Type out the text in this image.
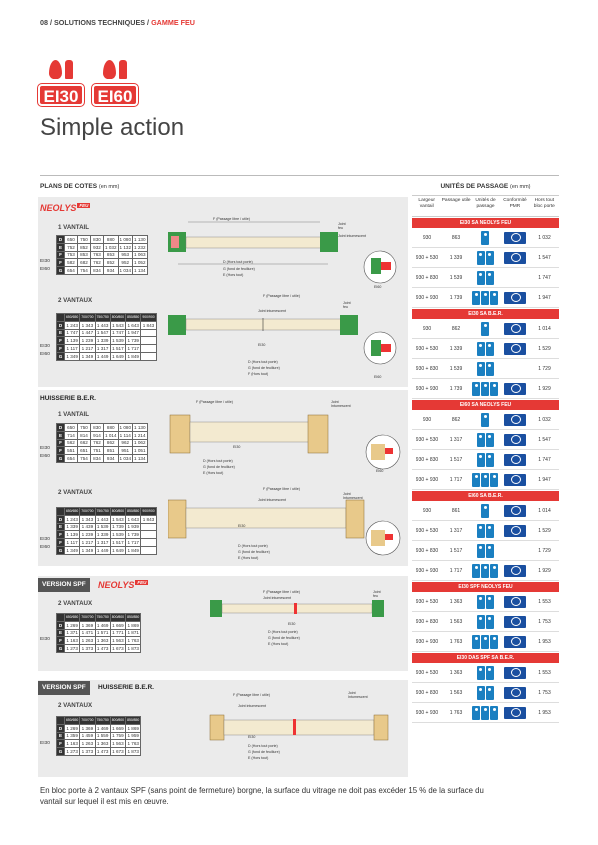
08 / SOLUTIONS TECHNIQUES / GAMME FEU
EI30	EI60
Simple action
PLANS DE COTES (en mm)
NEOLYS FEU
1 VANTAIL
D	650	750	830	880	1 080	1 130
E	752	852	932	1 032	1 132	1 232
F	753	853	763	853	953	1 063
F	582	682	762	852	952	1 052
G	654	754	834	934	1 034	1 134
EI30
EI60
2 VANTAUX
	650/650	700/700	750/750	800/800	850/850	900/900
D	1 243	1 343	1 443	1 543	1 643	1 843
E	1 747	1 447	1 547	1 747	1 947	
F	1 139	1 239	1 339	1 539	1 739	
F	1 117	1 217	1 317	1 517	1 717	
G	1 349	1 349	1 449	1 649	1 849	
EI30
EI60
HUISSERIE B.E.R.
1 VANTAIL
D	650	750	830	880	1 080	1 130
E	714	814	914	1 014	1 114	1 214
F	562	662	762	862	962	1 062
F	551	651	751	851	951	1 051
G	654	754	834	934	1 034	1 134
EI30
EI60
2 VANTAUX
	650/650	700/700	750/750	800/800	850/850	900/900
D	1 243	1 343	1 443	1 543	1 643	1 843
E	1 339	1 439	1 539	1 739	1 939	
F	1 139	1 239	1 339	1 539	1 739	
F	1 117	1 217	1 317	1 517	1 717	
G	1 349	1 349	1 449	1 649	1 849	
EI30
EI60
VERSION SPF	NEOLYS FEU
2 VANTAUX
	650/650	700/700	750/750	800/800	850/850
D	1 269	1 369	1 469	1 669	1 869
E	1 371	1 471	1 571	1 771	1 871
F	1 163	1 263	1 363	1 563	1 763
G	1 273	1 373	1 473	1 673	1 873
EI30
VERSION SPF	HUISSERIE B.E.R.
2 VANTAUX
	650/650	700/700	750/750	800/800	850/850
D	1 269	1 369	1 469	1 669	1 869
E	1 359	1 459	1 559	1 759	1 959
F	1 163	1 263	1 363	1 563	1 763
G	1 273	1 373	1 473	1 673	1 873
EI30
F (Passage libre / utile)
D (Hors tout porte)
G (fond de feuillure)
E (Hors tout)
Joint
feu
Joint intumescent
EI60
F (Passage libre / utile)
Joint intumescent
EI30
D (Hors tout porte)
G (fond de feuillure)
F (Hors tout)
Joint
feu
EI60
F (Passage libre / utile)
EI30
D (Hors tout porte)
G (fond de feuillure)
E (Hors tout)
Joint
Intumescent
EI60
F (Passage libre / utile)
Joint intumescent
EI30
D (Hors tout porte)
G (fond de feuillure)
E (Hors tout)
Joint
Intumescent
F (Passage libre / utile)
Joint intumescent
EI30
D (Hors tout porte)
G (fond de feuillure)
E (Hors tout)
Joint
feu
F (Passage libre / utile)
Joint intumescent
EI30
D (Hors tout porte)
G (fond de feuillure)
E (Hors tout)
Joint
Intumescent
UNITÉS DE PASSAGE (en mm)
Largeur vantail
Passage utile	Unités de passage
Conformité PMR
Hors tout bloc porte
EI30 SA NEOLYS FEU
930	863	1 032
930 + 530	1 339	1 547
930 + 830	1 539	1 747
930 + 930	1 739	1 947
EI30 SA B.E.R.
930	862	1 014
930 + 530	1 339	1 529
930 + 830	1 539	1 729
930 + 930	1 739	1 929
EI60 SA NEOLYS FEU
930	862	1 032
930 + 530	1 317	1 547
930 + 830	1 517	1 747
930 + 930	1 717	1 947
EI60 SA B.E.R.
930	861	1 014
930 + 530	1 317	1 529
930 + 830	1 517	1 729
930 + 930	1 717	1 929
EI30 SPF NEOLYS FEU
930 + 530	1 363	1 553
930 + 830	1 563	1 753
930 + 930	1 763	1 953
EI30 DAS SPF SA B.E.R.
930 + 530	1 363	1 553
930 + 830	1 563	1 753
930 + 930	1 763	1 953
En bloc porte à 2 vantaux SPF (sans point de fermeture) borgne, la surface du vitrage ne doit pas excéder 15 % de la surface du vantail sur lequel il est mis en œuvre.
